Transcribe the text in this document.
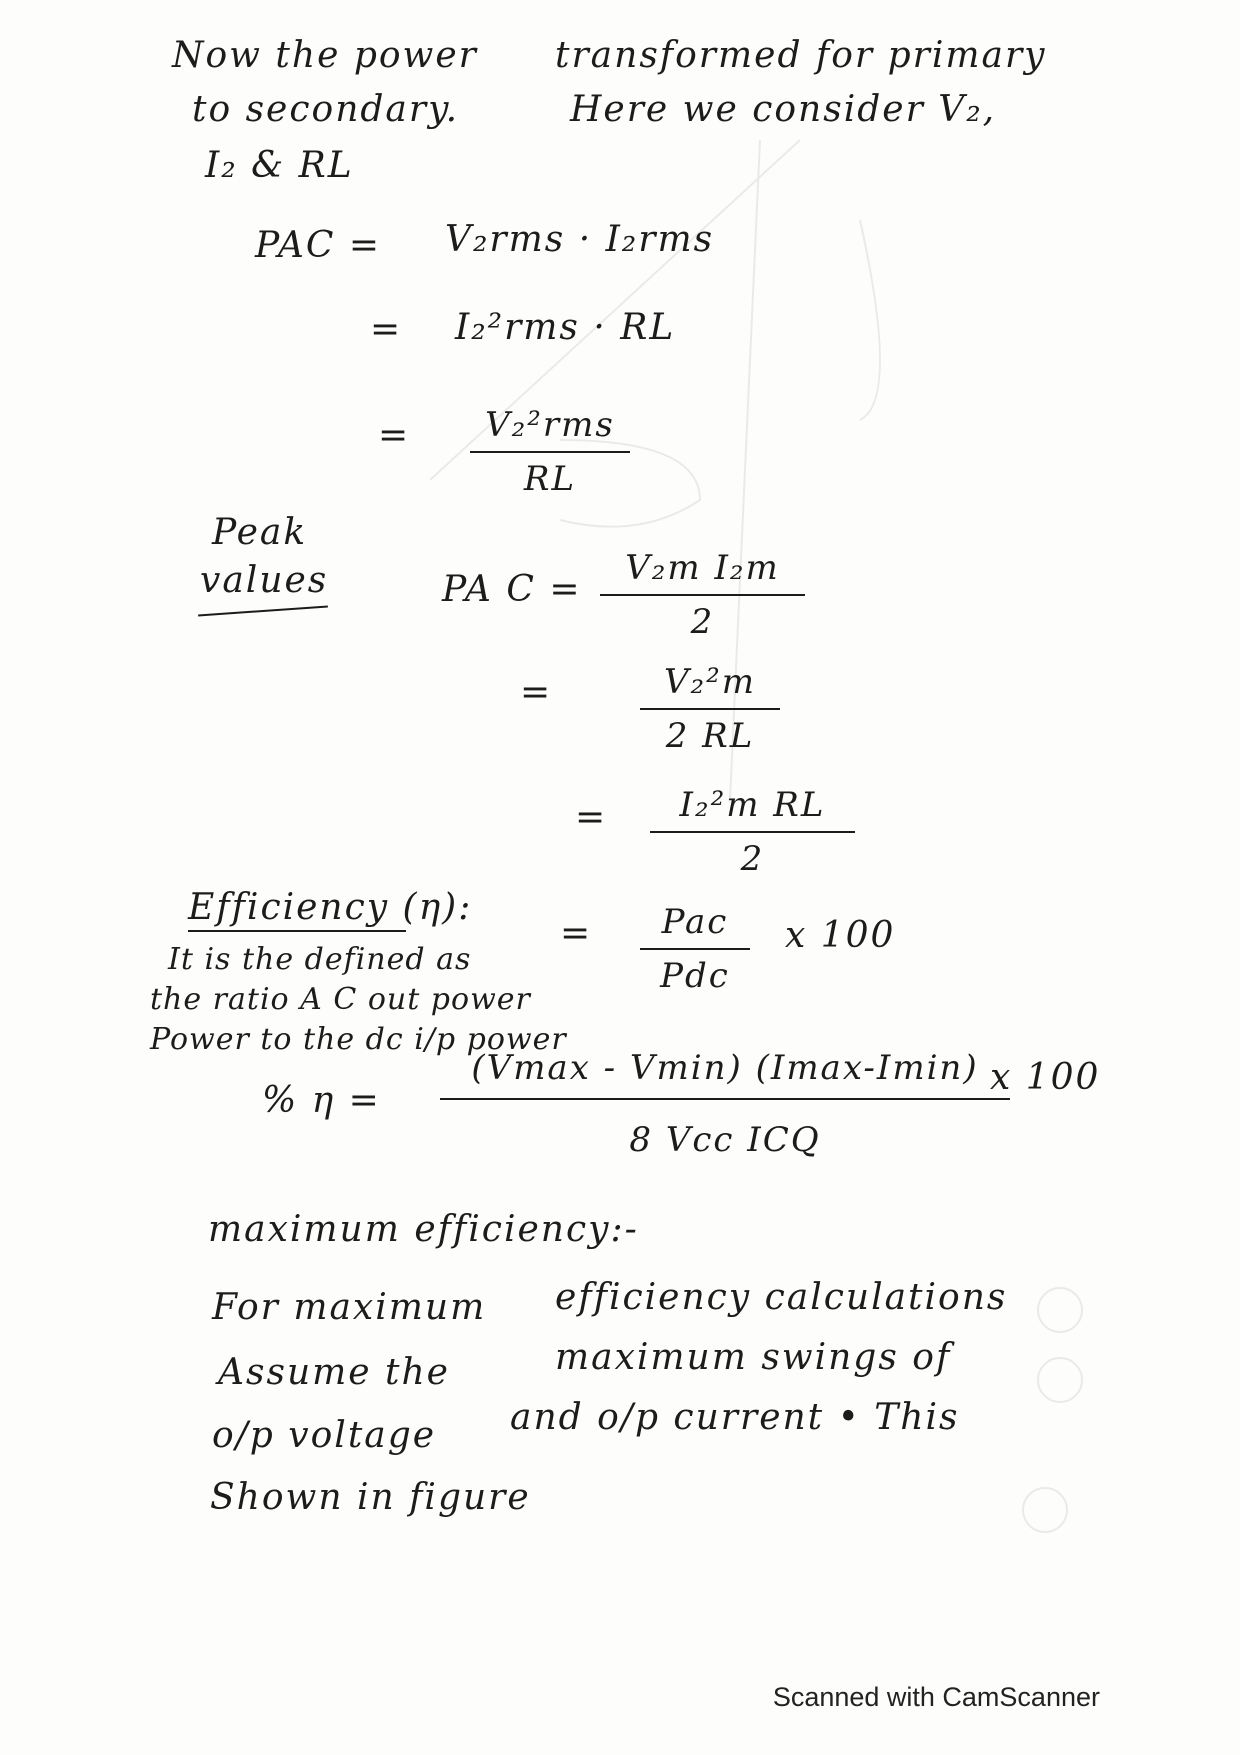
Now the power transformed for primary
to secondary.	Here we consider V₂,
I₂ & RL
PAC = V₂rms · I₂rms
= I₂²rms · RL
=	V₂²rms
RL
Peak
values	PA C =
V₂m I₂m
2
=	V₂²m
2 RL
=	I₂²m RL
2
Efficiency (η):
=	Pac
Pdc
x 100
It is the defined as
the ratio A C out power
Power to the dc i/p power
% η =
(Vmax - Vmin) (Imax-Imin)
8 Vcc ICQ
x 100
maximum efficiency:-
For maximum efficiency calculations
Assume the	maximum swings of
o/p voltage and o/p current • This
Shown in figure
Scanned with CamScanner
